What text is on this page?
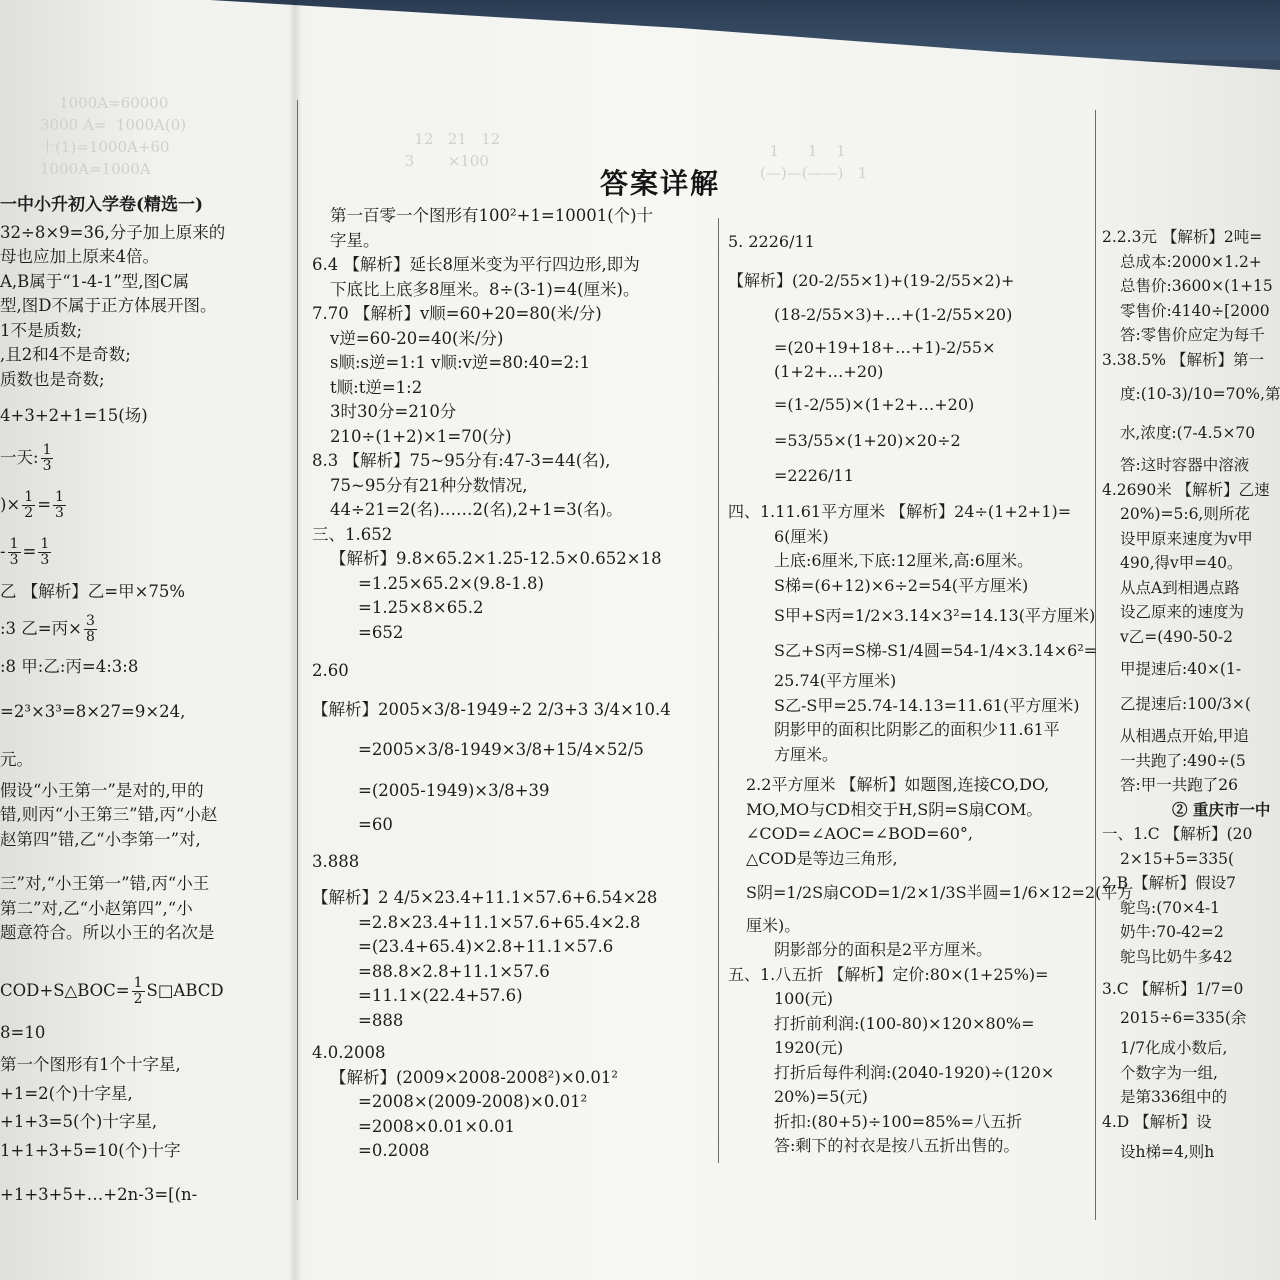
1000A=60000
3000 A=  1000A(0)
十(1)=1000A+60
1000A=1000A
12   21   12
3       ×100
1      1    1
(—)—(——)   1
答案详解
一中小升初入学卷(精选一)
32÷8×9=36,分子加上原来的
母也应加上原来4倍。
A,B属于“1-4-1”型,图C属
型,图D不属于正方体展开图。
1不是质数;
,且2和4不是奇数;
质数也是奇数;
4+3+2+1=15(场)
一天: $\frac{1}{3}$
)× $\frac{1}{2} = \frac{1}{3}$
- $\frac{1}{3} = \frac{1}{3}$
乙 【解析】乙=甲×75%
:3 乙=丙× $\frac{3}{8}$
:8 甲:乙:丙=4:3:8
=2³×3³=8×27=9×24,
元。
假设“小王第一”是对的,甲的
错,则丙“小王第三”错,丙“小赵
赵第四”错,乙“小李第一”对,
三”对,“小王第一”错,丙“小王
第二”对,乙“小赵第四”,“小
题意符合。所以小王的名次是
COD+S△BOC= $\frac{1}{2}$ S□ABCD
8=10
第一个图形有1个十字星,
+1=2(个)十字星,
+1+3=5(个)十字星,
1+1+3+5=10(个)十字
+1+3+5+…+2n-3=[(n-
第一百零一个图形有100²+1=10001(个)十
字星。
6.4 【解析】延长8厘米变为平行四边形,即为
下底比上底多8厘米。8÷(3-1)=4(厘米)。
7.70 【解析】v顺=60+20=80(米/分)
v逆=60-20=40(米/分)
s顺:s逆=1:1 v顺:v逆=80:40=2:1
t顺:t逆=1:2
3时30分=210分
210÷(1+2)×1=70(分)
8.3 【解析】75~95分有:47-3=44(名),
75~95分有21种分数情况,
44÷21=2(名)……2(名),2+1=3(名)。
三、1.652
【解析】9.8×65.2×1.25-12.5×0.652×18
=1.25×65.2×(9.8-1.8)
=1.25×8×65.2
=652
2.60
【解析】2005×3/8-1949÷2 2/3+3 3/4×10.4
=2005×3/8-1949×3/8+15/4×52/5
=(2005-1949)×3/8+39
=60
3.888
【解析】2 4/5×23.4+11.1×57.6+6.54×28
=2.8×23.4+11.1×57.6+65.4×2.8
=(23.4+65.4)×2.8+11.1×57.6
=88.8×2.8+11.1×57.6
=11.1×(22.4+57.6)
=888
4.0.2008
【解析】(2009×2008-2008²)×0.01²
=2008×(2009-2008)×0.01²
=2008×0.01×0.01
=0.2008
5. 2226/11
【解析】(20-2/55×1)+(19-2/55×2)+
(18-2/55×3)+…+(1-2/55×20)
=(20+19+18+…+1)-2/55×
(1+2+…+20)
=(1-2/55)×(1+2+…+20)
=53/55×(1+20)×20÷2
=2226/11
四、1.11.61平方厘米 【解析】24÷(1+2+1)=
6(厘米)
上底:6厘米,下底:12厘米,高:6厘米。
S梯=(6+12)×6÷2=54(平方厘米)
S甲+S丙=1/2×3.14×3²=14.13(平方厘米)
S乙+S丙=S梯-S1/4圆=54-1/4×3.14×6²=
25.74(平方厘米)
S乙-S甲=25.74-14.13=11.61(平方厘米)
阴影甲的面积比阴影乙的面积少11.61平
方厘米。
2.2平方厘米 【解析】如题图,连接CO,DO,
MO,MO与CD相交于H,S阴=S扇COM。
∠COD=∠AOC=∠BOD=60°,
△COD是等边三角形,
S阴=1/2S扇COD=1/2×1/3S半圆=1/6×12=2(平方
厘米)。
阴影部分的面积是2平方厘米。
五、1.八五折 【解析】定价:80×(1+25%)=
100(元)
打折前利润:(100-80)×120×80%=
1920(元)
打折后每件利润:(2040-1920)÷(120×
20%)=5(元)
折扣:(80+5)÷100=85%=八五折
答:剩下的衬衣是按八五折出售的。
2.2.3元 【解析】2吨=
总成本:2000×1.2+
总售价:3600×(1+15
零售价:4140÷[2000
答:零售价应定为每千
3.38.5% 【解析】第一
度:(10-3)/10=70%,第
水,浓度:(7-4.5×70
答:这时容器中溶液
4.2690米 【解析】乙速
20%)=5:6,则所花
设甲原来速度为v甲
490,得v甲=40。
从点A到相遇点路
设乙原来的速度为
v乙=(490-50-2
甲提速后:40×(1-
乙提速后:100/3×(
从相遇点开始,甲追
一共跑了:490÷(5
答:甲一共跑了26
② 重庆市一中
一、1.C 【解析】(20
2×15+5=335(
2.B 【解析】假设7
鸵鸟:(70×4-1
奶牛:70-42=2
鸵鸟比奶牛多42
3.C 【解析】1/7=0
2015÷6=335(余
1/7化成小数后,
个数字为一组,
是第336组中的
4.D 【解析】设
设h梯=4,则h
